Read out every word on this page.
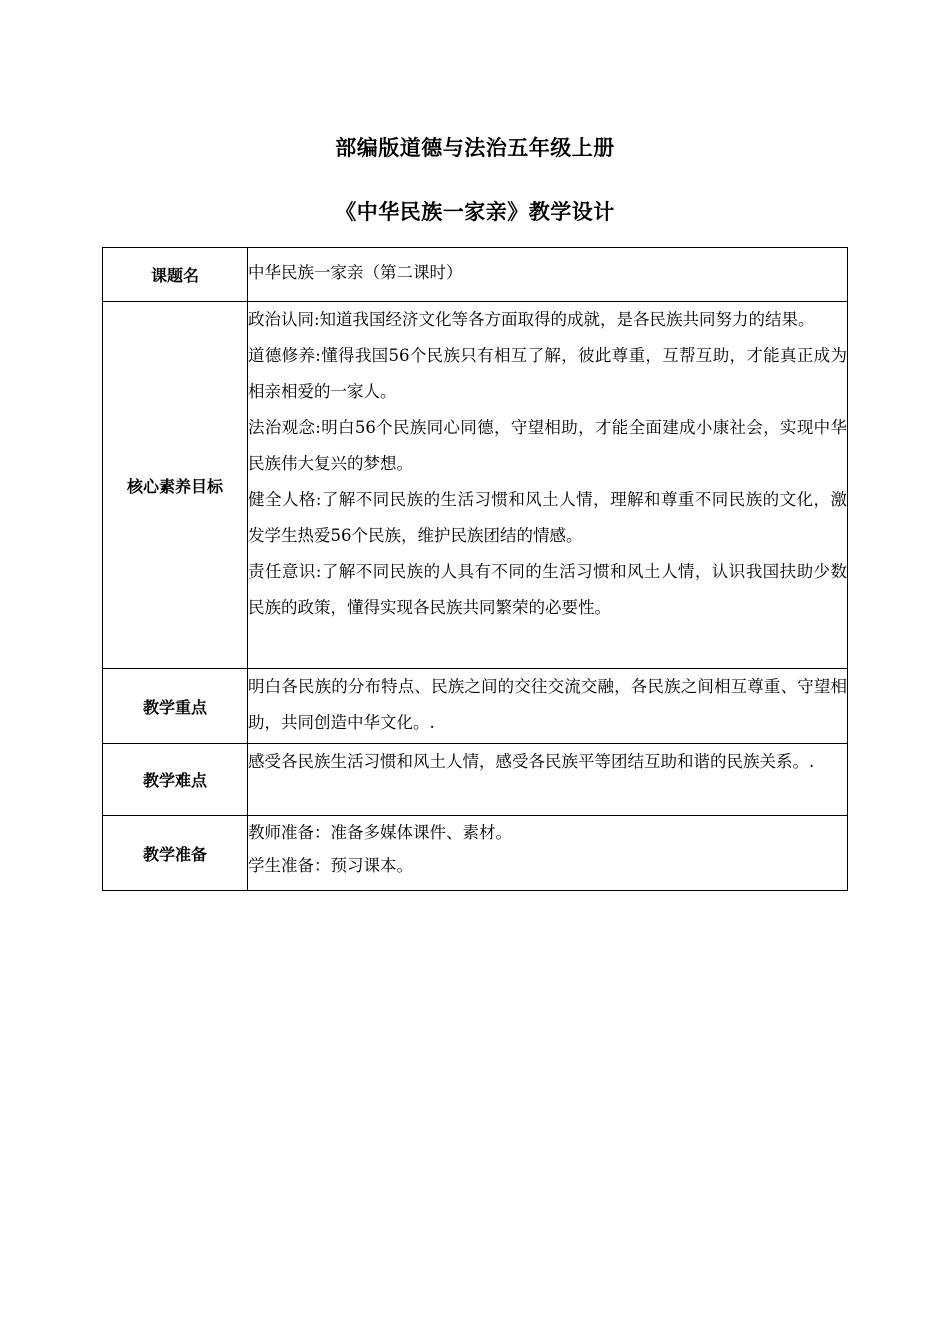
部编版道德与法治五年级上册
《中华民族一家亲》教学设计
课题名	中华民族一家亲（第二课时）
核心素养目标	政治认同:知道我国经济文化等各方面取得的成就，是各民族共同努力的结果。

道德修养:懂得我国56个民族只有相互了解，彼此尊重，互帮互助，才能真正成为相亲相爱的一家人。

法治观念:明白56个民族同心同德，守望相助，才能全面建成小康社会，实现中华民族伟大复兴的梦想。

健全人格:了解不同民族的生活习惯和风土人情，理解和尊重不同民族的文化，激发学生热爱56个民族，维护民族团结的情感。

责任意识:了解不同民族的人具有不同的生活习惯和风土人情，认识我国扶助少数民族的政策，懂得实现各民族共同繁荣的必要性。

教学重点	明白各民族的分布特点、民族之间的交往交流交融，各民族之间相互尊重、守望相助，共同创造中华文化。.
教学难点	感受各民族生活习惯和风土人情，感受各民族平等团结互助和谐的民族关系。.
教学准备	教师准备：准备多媒体课件、素材。

学生准备：预习课本。
